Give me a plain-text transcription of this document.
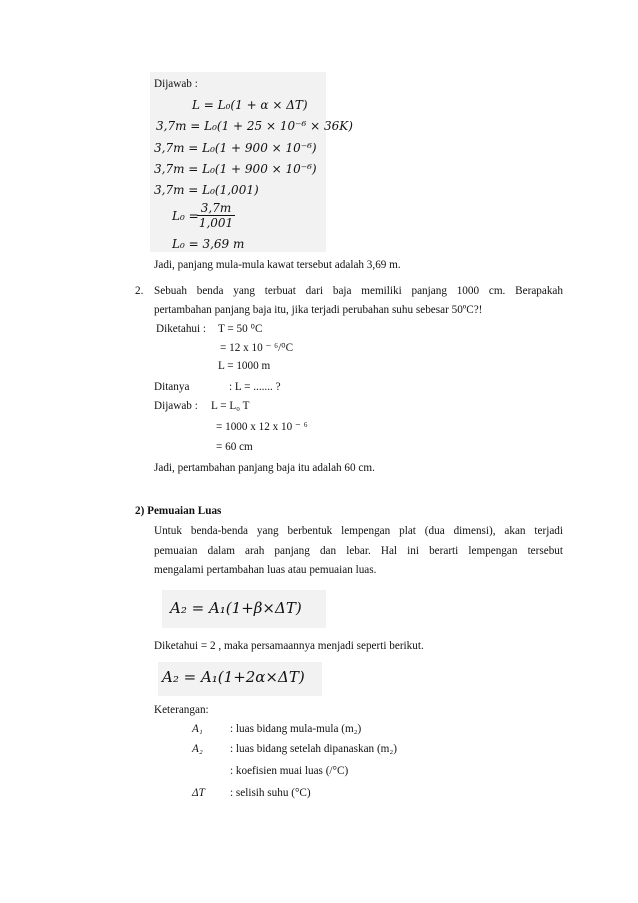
Dijawab :
L = L₀(1 + α × ΔT)
3,7m = L₀(1 + 25 × 10⁻⁶ × 36K)
3,7m = L₀(1 + 900 × 10⁻⁶)
3,7m = L₀(1 + 900 × 10⁻⁶)
3,7m = L₀(1,001)
L₀ =
$\frac{3,7m}{1,001}$
L₀ = 3,69 m
Jadi, panjang mula-mula kawat tersebut adalah 3,69 m.
2. Sebuah benda yang terbuat dari baja memiliki panjang 1000 cm. Berapakah
pertambahan panjang baja itu, jika terjadi perubahan suhu sebesar 50ºC?!
Diketahui : T = 50 ⁰C
= 12 x 10 ⁻ ⁶/⁰C
L = 1000 m
Ditanya	: L = ....... ?
Dijawab : L = L₀ T
= 1000 x 12 x 10 ⁻ ⁶
= 60 cm
Jadi, pertambahan panjang baja itu adalah 60 cm.
2) Pemuaian Luas
Untuk benda-benda yang berbentuk lempengan plat (dua dimensi), akan terjadi
pemuaian dalam arah panjang dan lebar. Hal ini berarti lempengan tersebut
mengalami pertambahan luas atau pemuaian luas.
A₂ = A₁(1+β×ΔT)
Diketahui = 2 , maka persamaannya menjadi seperti berikut.
A₂ = A₁(1+2α×ΔT)
Keterangan:
A₁ : luas bidang mula-mula (m₂)
A₂ : luas bidang setelah dipanaskan (m₂)
: koefisien muai luas (/°C)
ΔT : selisih suhu (°C)
